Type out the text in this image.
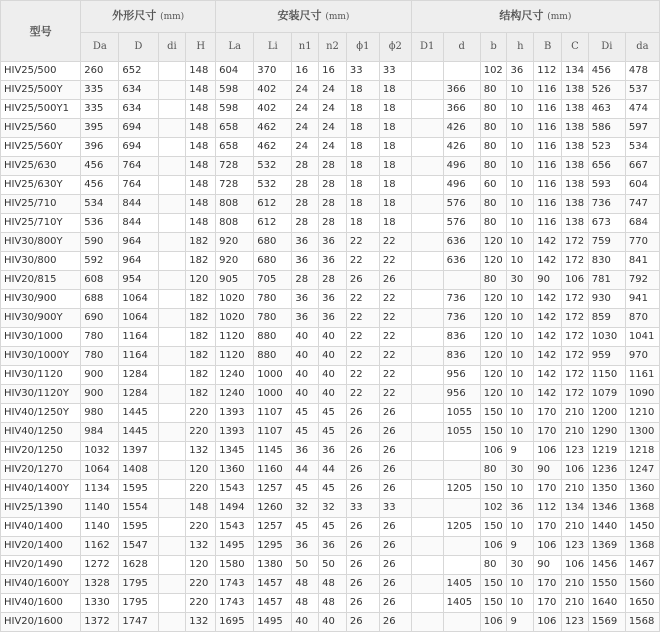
型号	外形尺寸 (mm)				安装尺寸 (mm)						结构尺寸 (mm)							
	Da	D	di	H	La	Li	n1	n2	ϕ1	ϕ2	D1	d	b	h	B	C	Di	da
HIV25/500	260	652		148	604	370	16	16	33	33			102	36	112	134	456	478
HIV25/500Y	335	634		148	598	402	24	24	18	18		366	80	10	116	138	526	537
HIV25/500Y1	335	634		148	598	402	24	24	18	18		366	80	10	116	138	463	474
HIV25/560	395	694		148	658	462	24	24	18	18		426	80	10	116	138	586	597
HIV25/560Y	396	694		148	658	462	24	24	18	18		426	80	10	116	138	523	534
HIV25/630	456	764		148	728	532	28	28	18	18		496	80	10	116	138	656	667
HIV25/630Y	456	764		148	728	532	28	28	18	18		496	60	10	116	138	593	604
HIV25/710	534	844		148	808	612	28	28	18	18		576	80	10	116	138	736	747
HIV25/710Y	536	844		148	808	612	28	28	18	18		576	80	10	116	138	673	684
HIV30/800Y	590	964		182	920	680	36	36	22	22		636	120	10	142	172	759	770
HIV30/800	592	964		182	920	680	36	36	22	22		636	120	10	142	172	830	841
HIV20/815	608	954		120	905	705	28	28	26	26			80	30	90	106	781	792
HIV30/900	688	1064		182	1020	780	36	36	22	22		736	120	10	142	172	930	941
HIV30/900Y	690	1064		182	1020	780	36	36	22	22		736	120	10	142	172	859	870
HIV30/1000	780	1164		182	1120	880	40	40	22	22		836	120	10	142	172	1030	1041
HIV30/1000Y	780	1164		182	1120	880	40	40	22	22		836	120	10	142	172	959	970
HIV30/1120	900	1284		182	1240	1000	40	40	22	22		956	120	10	142	172	1150	1161
HIV30/1120Y	900	1284		182	1240	1000	40	40	22	22		956	120	10	142	172	1079	1090
HIV40/1250Y	980	1445		220	1393	1107	45	45	26	26		1055	150	10	170	210	1200	1210
HIV40/1250	984	1445		220	1393	1107	45	45	26	26		1055	150	10	170	210	1290	1300
HIV20/1250	1032	1397		132	1345	1145	36	36	26	26			106	9	106	123	1219	1218
HIV20/1270	1064	1408		120	1360	1160	44	44	26	26			80	30	90	106	1236	1247
HIV40/1400Y	1134	1595		220	1543	1257	45	45	26	26		1205	150	10	170	210	1350	1360
HIV25/1390	1140	1554		148	1494	1260	32	32	33	33			102	36	112	134	1346	1368
HIV40/1400	1140	1595		220	1543	1257	45	45	26	26		1205	150	10	170	210	1440	1450
HIV20/1400	1162	1547		132	1495	1295	36	36	26	26			106	9	106	123	1369	1368
HIV20/1490	1272	1628		120	1580	1380	50	50	26	26			80	30	90	106	1456	1467
HIV40/1600Y	1328	1795		220	1743	1457	48	48	26	26		1405	150	10	170	210	1550	1560
HIV40/1600	1330	1795		220	1743	1457	48	48	26	26		1405	150	10	170	210	1640	1650
HIV20/1600	1372	1747		132	1695	1495	40	40	26	26			106	9	106	123	1569	1568
